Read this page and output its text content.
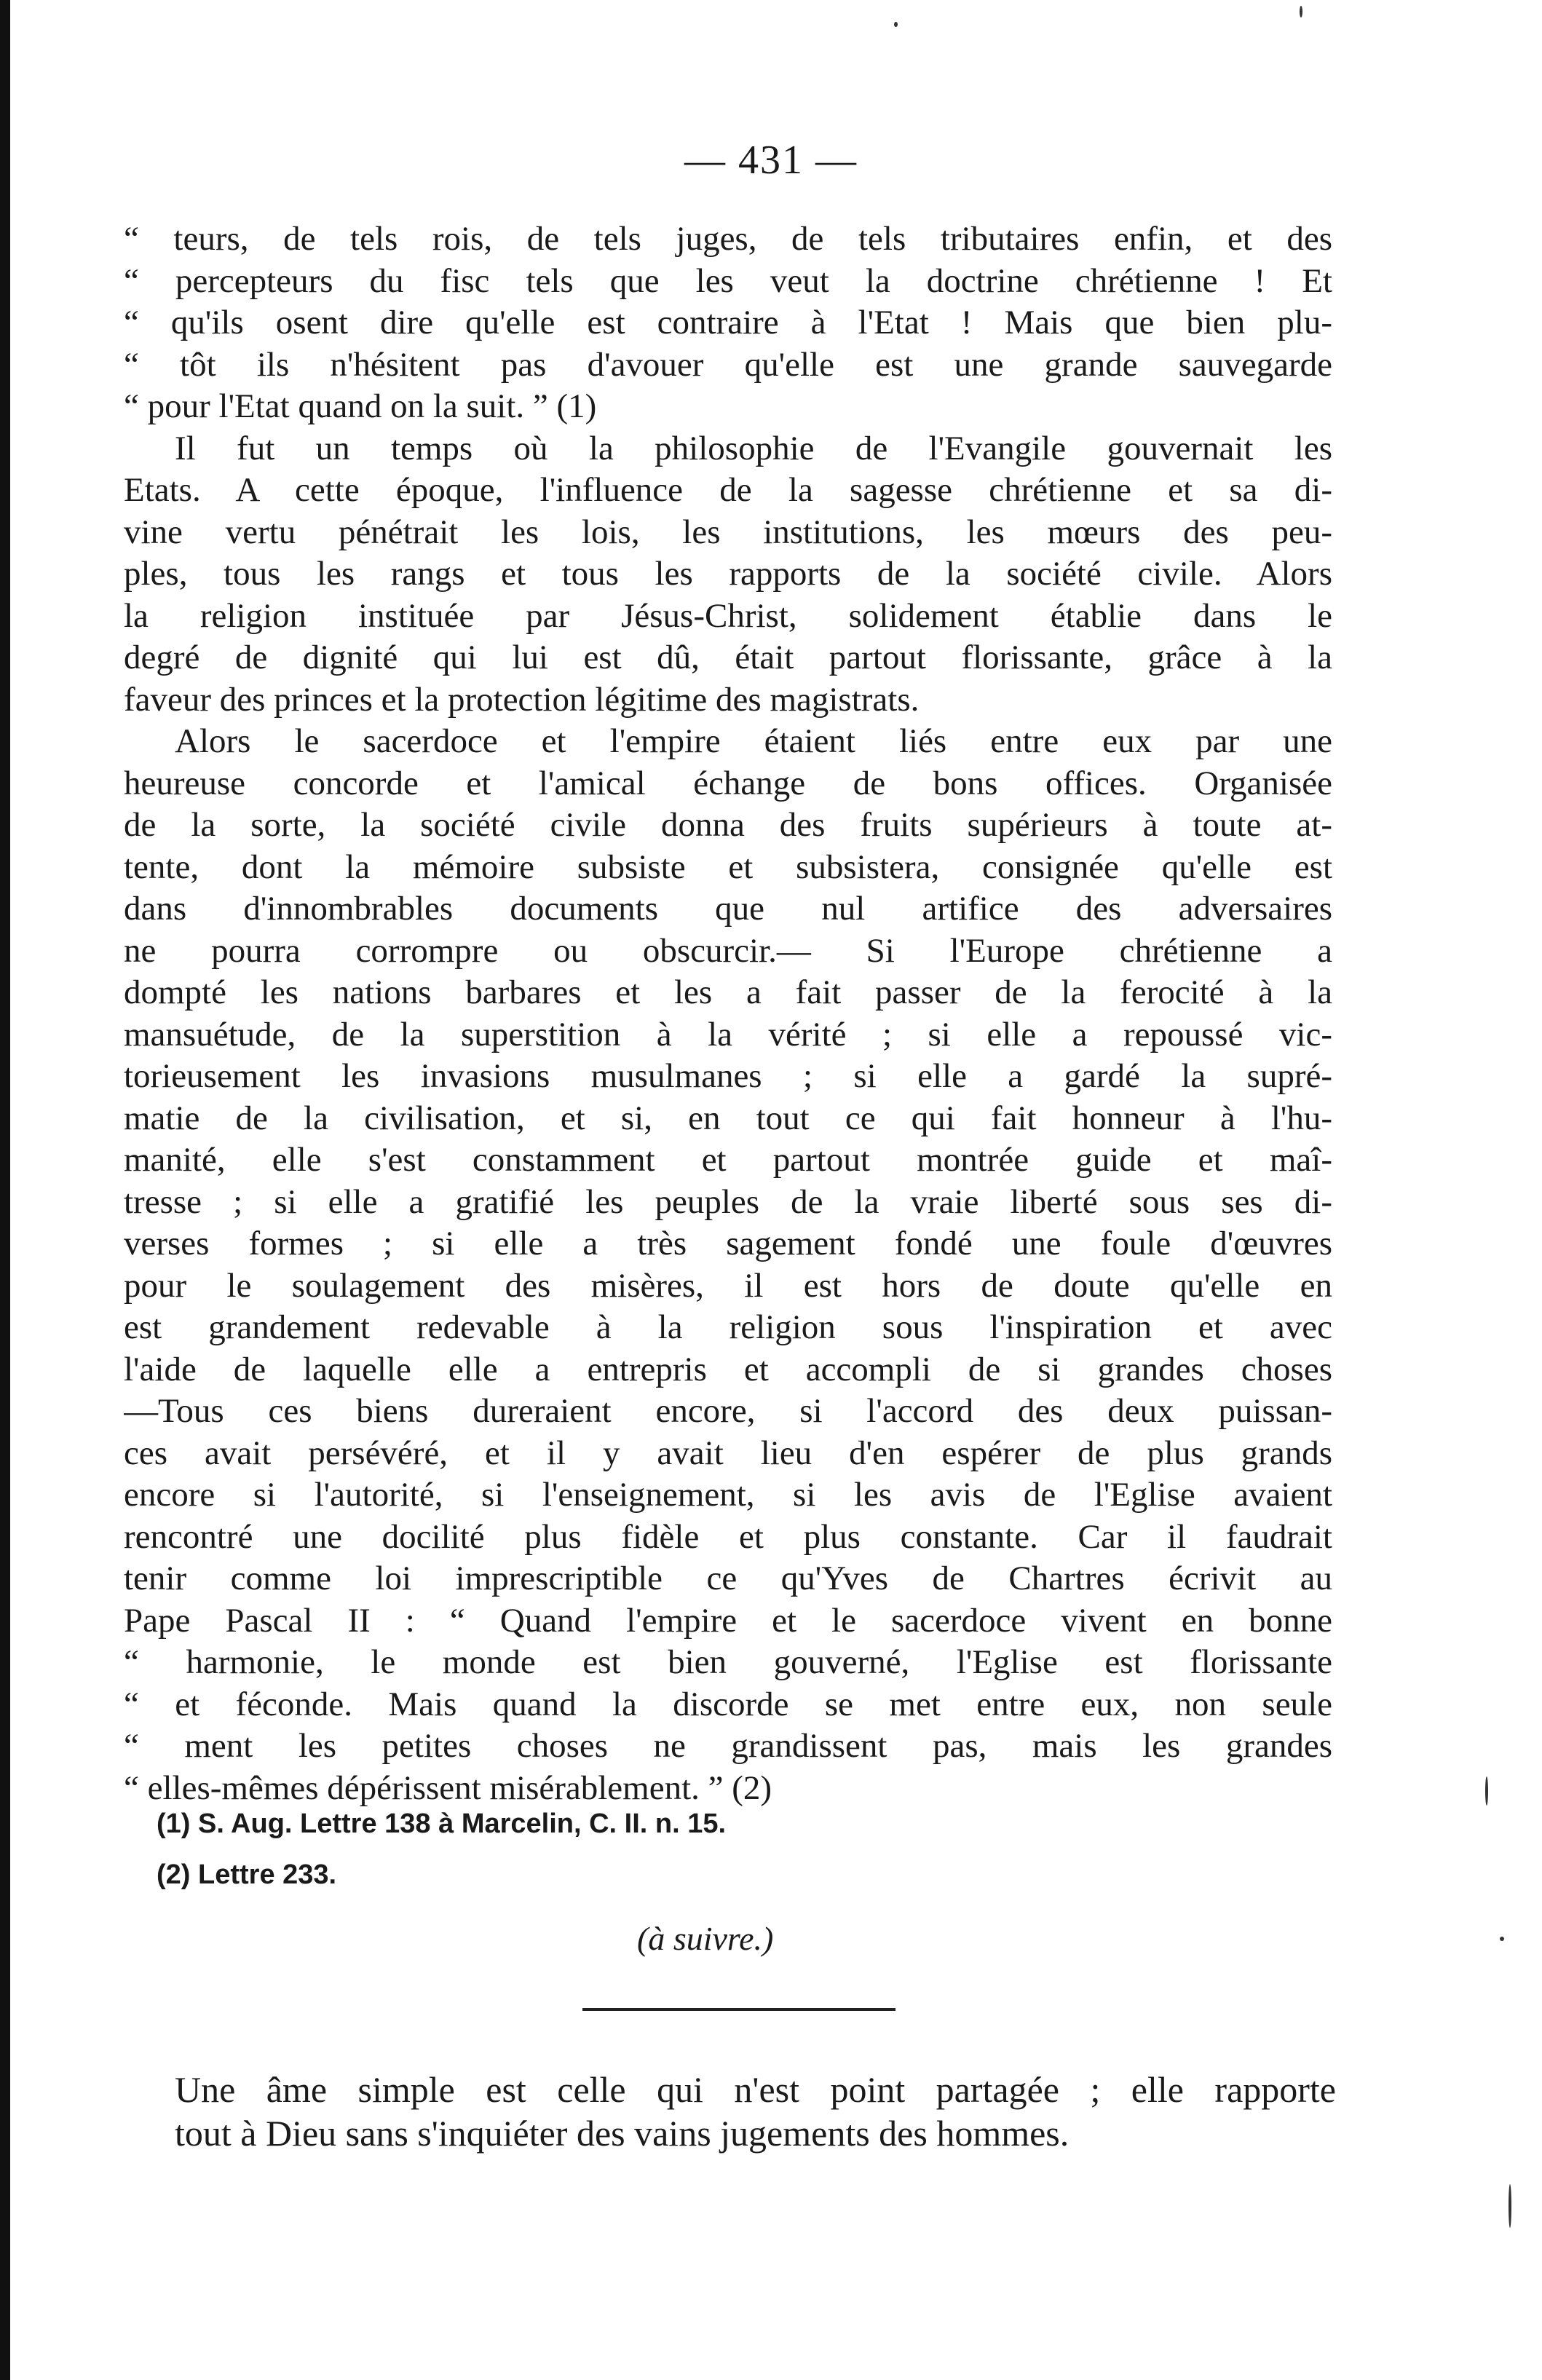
— 431 —
“ teurs, de tels rois, de tels juges, de tels tributaires enfin, et des
“ percepteurs du fisc tels que les veut la doctrine chrétienne ! Et
“ qu'ils osent dire qu'elle est contraire à l'Etat ! Mais que bien plu-
“ tôt ils n'hésitent pas d'avouer qu'elle est une grande sauvegarde
“ pour l'Etat quand on la suit. ” (1)
Il fut un temps où la philosophie de l'Evangile gouvernait les
Etats. A cette époque, l'influence de la sagesse chrétienne et sa di-
vine vertu pénétrait les lois, les institutions, les mœurs des peu-
ples, tous les rangs et tous les rapports de la société civile. Alors
la religion instituée par Jésus-Christ, solidement établie dans le
degré de dignité qui lui est dû, était partout florissante, grâce à la
faveur des princes et la protection légitime des magistrats.
Alors le sacerdoce et l'empire étaient liés entre eux par une
heureuse concorde et l'amical échange de bons offices. Organisée
de la sorte, la société civile donna des fruits supérieurs à toute at-
tente, dont la mémoire subsiste et subsistera, consignée qu'elle est
dans d'innombrables documents que nul artifice des adversaires
ne pourra corrompre ou obscurcir.— Si l'Europe chrétienne a
dompté les nations barbares et les a fait passer de la ferocité à la
mansuétude, de la superstition à la vérité ; si elle a repoussé vic-
torieusement les invasions musulmanes ; si elle a gardé la supré-
matie de la civilisation, et si, en tout ce qui fait honneur à l'hu-
manité, elle s'est constamment et partout montrée guide et maî-
tresse ; si elle a gratifié les peuples de la vraie liberté sous ses di-
verses formes ; si elle a très sagement fondé une foule d'œuvres
pour le soulagement des misères, il est hors de doute qu'elle en
est grandement redevable à la religion sous l'inspiration et avec
l'aide de laquelle elle a entrepris et accompli de si grandes choses
—Tous ces biens dureraient encore, si l'accord des deux puissan-
ces avait persévéré, et il y avait lieu d'en espérer de plus grands
encore si l'autorité, si l'enseignement, si les avis de l'Eglise avaient
rencontré une docilité plus fidèle et plus constante. Car il faudrait
tenir comme loi imprescriptible ce qu'Yves de Chartres écrivit au
Pape Pascal II : “ Quand l'empire et le sacerdoce vivent en bonne
“ harmonie, le monde est bien gouverné, l'Eglise est florissante
“ et féconde. Mais quand la discorde se met entre eux, non seule
“ ment les petites choses ne grandissent pas, mais les grandes
“ elles-mêmes dépérissent misérablement. ” (2)
(1) S. Aug. Lettre 138 à Marcelin, C. II. n. 15.
(2) Lettre 233.
(à suivre.)
Une âme simple est celle qui n'est point partagée ; elle rapporte
tout à Dieu sans s'inquiéter des vains jugements des hommes.
